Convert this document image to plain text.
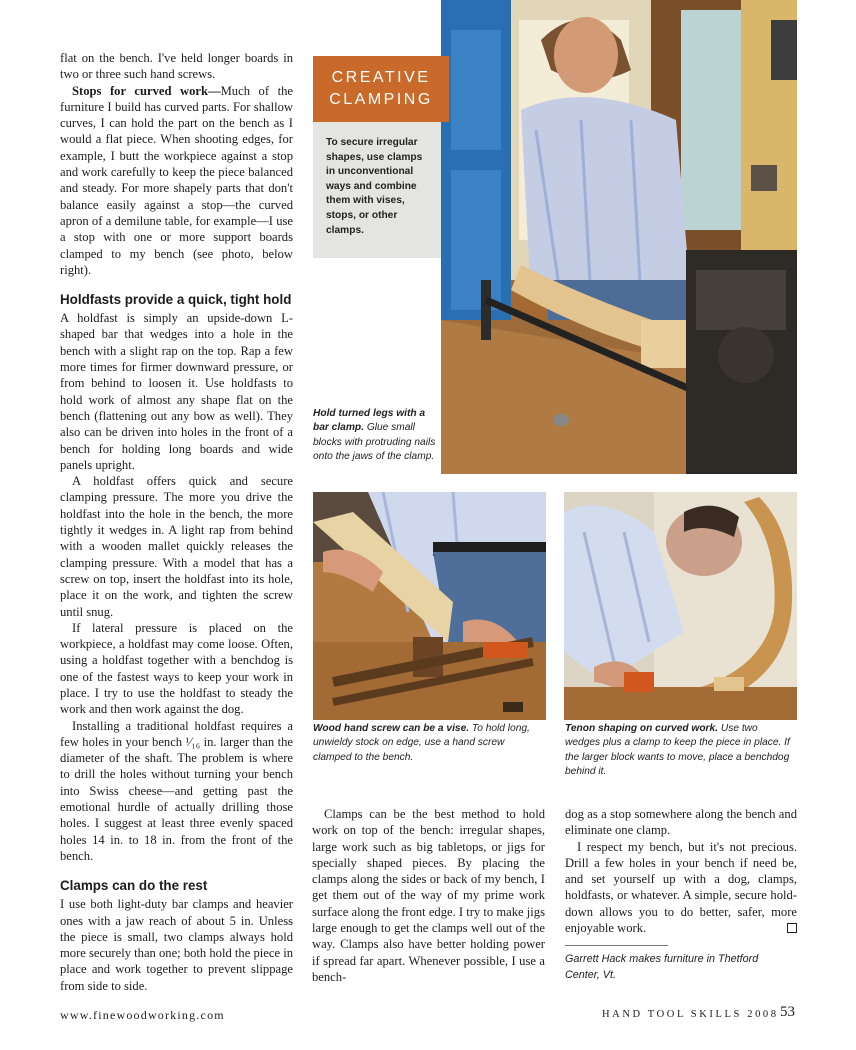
flat on the bench. I've held longer boards in two or three such hand screws.

Stops for curved work—Much of the furniture I build has curved parts. For shallow curves, I can hold the part on the bench as I would a flat piece. When shooting edges, for example, I butt the workpiece against a stop and work carefully to keep the piece balanced and steady. For more shapely parts that don't balance easily against a stop—the curved apron of a demilune table, for example—I use a stop with one or more support boards clamped to my bench (see photo, below right).

Holdfasts provide a quick, tight hold

A holdfast is simply an upside-down L-shaped bar that wedges into a hole in the bench with a slight rap on the top. Rap a few more times for firmer downward pressure, or from behind to loosen it. Use holdfasts to hold work of almost any shape flat on the bench (flattening out any bow as well). They also can be driven into holes in the front of a bench for holding long boards and wide panels upright.

A holdfast offers quick and secure clamping pressure. The more you drive the holdfast into the hole in the bench, the more tightly it wedges in. A light rap from behind with a wooden mallet quickly releases the clamping pressure. With a model that has a screw on top, insert the holdfast into its hole, place it on the work, and tighten the screw until snug.

If lateral pressure is placed on the workpiece, a holdfast may come loose. Often, using a holdfast together with a benchdog is one of the fastest ways to keep your work in place. I try to use the holdfast to steady the work and then work against the dog.

Installing a traditional holdfast requires a few holes in your bench ¹⁄₁₆ in. larger than the diameter of the shaft. The problem is where to drill the holes without turning your bench into Swiss cheese—and getting past the emotional hurdle of actually drilling those holes. I suggest at least three evenly spaced holes 14 in. to 18 in. from the front of the bench.

Clamps can do the rest

I use both light-duty bar clamps and heavier ones with a jaw reach of about 5 in. Unless the piece is small, two clamps always hold more securely than one; both hold the piece in place and work together to prevent slippage from side to side.

CREATIVE
CLAMPING
To secure irregular shapes, use clamps in unconventional ways and combine them with vises, stops, or other clamps.
Hold turned legs with a bar clamp. Glue small blocks with protruding nails onto the jaws of the clamp.
Wood hand screw can be a vise. To hold long, unwieldy stock on edge, use a hand screw clamped to the bench.
Tenon shaping on curved work. Use two wedges plus a clamp to keep the piece in place. If the larger block wants to move, place a benchdog behind it.

Clamps can be the best method to hold work on top of the bench: irregular shapes, large work such as big tabletops, or jigs for specially shaped pieces. By placing the clamps along the sides or back of my bench, I get them out of the way of my prime work surface along the front edge. I try to make jigs large enough to get the clamps well out of the way. Clamps also have better holding power if spread far apart. Whenever possible, I use a bench-

dog as a stop somewhere along the bench and eliminate one clamp.

I respect my bench, but it's not precious. Drill a few holes in your bench if need be, and set yourself up with a dog, clamps, holdfasts, or whatever. A simple, secure hold-down allows you to do better, safer, more enjoyable work.

Garrett Hack makes furniture in Thetford Center, Vt.
www.finewoodworking.com	HAND TOOL SKILLS 2008 53
